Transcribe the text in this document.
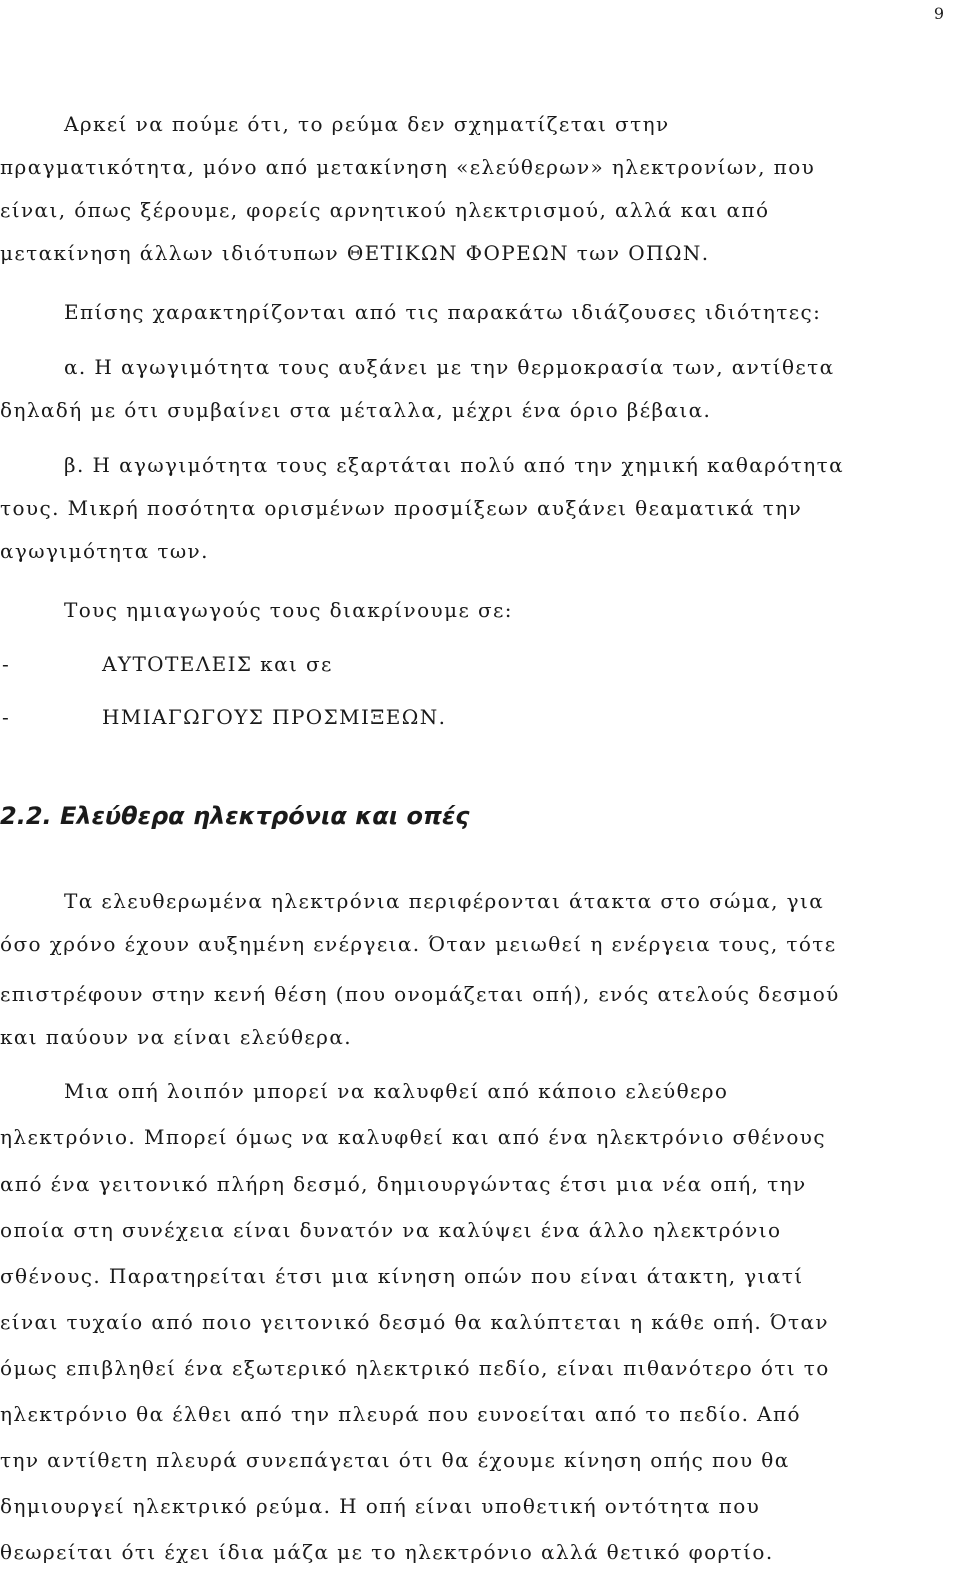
9
Αρκεί να πούμε ότι, το ρεύμα δεν σχηματίζεται στην
πραγματικότητα, μόνο από μετακίνηση «ελεύθερων» ηλεκτρονίων, που
είναι, όπως ξέρουμε, φορείς αρνητικού ηλεκτρισμού, αλλά και από
μετακίνηση άλλων ιδιότυπων ΘΕΤΙΚΩΝ ΦΟΡΕΩΝ των ΟΠΩΝ.
Επίσης χαρακτηρίζονται από τις παρακάτω ιδιάζουσες ιδιότητες:
α. Η αγωγιμότητα τους αυξάνει με την θερμοκρασία των, αντίθετα
δηλαδή με ότι συμβαίνει στα μέταλλα, μέχρι ένα όριο βέβαια.
β. Η αγωγιμότητα τους εξαρτάται πολύ από την χημική καθαρότητα
τους. Μικρή ποσότητα ορισμένων προσμίξεων αυξάνει θεαματικά την
αγωγιμότητα των.
Τους ημιαγωγούς τους διακρίνουμε σε:
-	ΑΥΤΟΤΕΛΕΙΣ και σε
-	ΗΜΙΑΓΩΓΟΥΣ ΠΡΟΣΜΙΞΕΩΝ.
2.2. Ελεύθερα ηλεκτρόνια και οπές
Τα ελευθερωμένα ηλεκτρόνια περιφέρονται άτακτα στο σώμα, για
όσο χρόνο έχουν αυξημένη ενέργεια. Όταν μειωθεί η ενέργεια τους, τότε
επιστρέφουν στην κενή θέση (που ονομάζεται οπή), ενός ατελούς δεσμού
και παύουν να είναι ελεύθερα.
Μια οπή λοιπόν μπορεί να καλυφθεί από κάποιο ελεύθερο
ηλεκτρόνιο. Μπορεί όμως να καλυφθεί και από ένα ηλεκτρόνιο σθένους
από ένα γειτονικό πλήρη δεσμό, δημιουργώντας έτσι μια νέα οπή, την
οποία στη συνέχεια είναι δυνατόν να καλύψει ένα άλλο ηλεκτρόνιο
σθένους. Παρατηρείται έτσι μια κίνηση οπών που είναι άτακτη, γιατί
είναι τυχαίο από ποιο γειτονικό δεσμό θα καλύπτεται η κάθε οπή. Όταν
όμως επιβληθεί ένα εξωτερικό ηλεκτρικό πεδίο, είναι πιθανότερο ότι το
ηλεκτρόνιο θα έλθει από την πλευρά που ευνοείται από το πεδίο. Από
την αντίθετη πλευρά συνεπάγεται ότι θα έχουμε κίνηση οπής που θα
δημιουργεί ηλεκτρικό ρεύμα. Η οπή είναι υποθετική οντότητα που
θεωρείται ότι έχει ίδια μάζα με το ηλεκτρόνιο αλλά θετικό φορτίο.
